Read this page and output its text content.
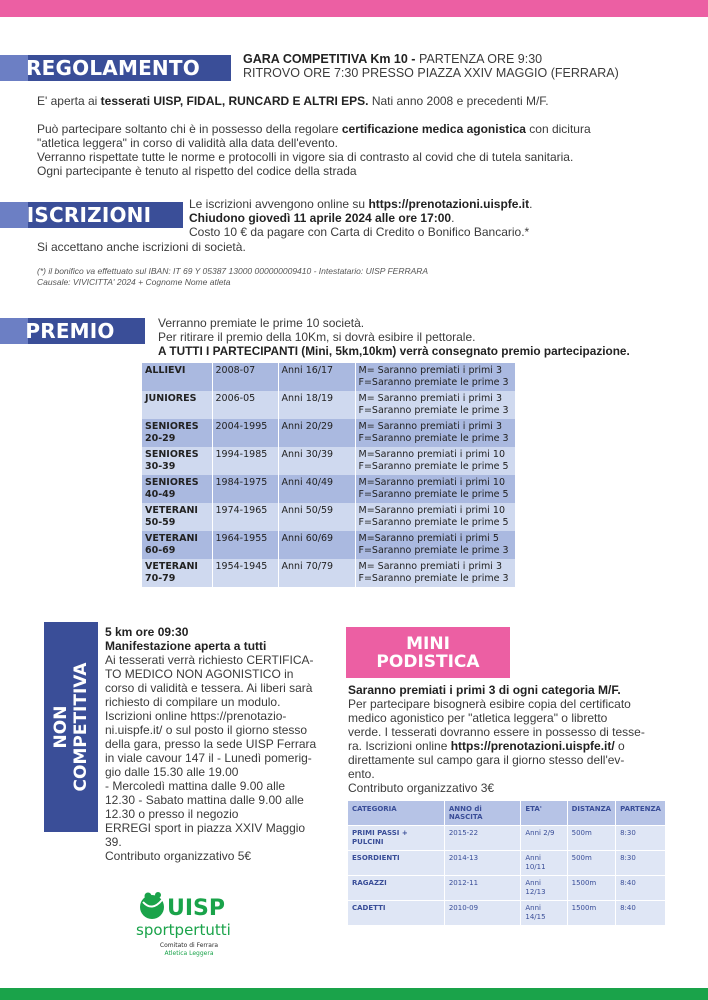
REGOLAMENTO	GARA COMPETITIVA Km 10 - PARTENZA ORE 9:30
RITROVO ORE 7:30 PRESSO PIAZZA XXIV MAGGIO (FERRARA)
E' aperta ai tesserati UISP, FIDAL, RUNCARD E ALTRI EPS. Nati anno 2008 e precedenti M/F.
Può partecipare soltanto chi è in possesso della regolare certificazione medica agonistica con dicitura
"atletica leggera" in corso di validità alla data dell'evento.
Verranno rispettate tutte le norme e protocolli in vigore sia di contrasto al covid che di tutela sanitaria.
Ogni partecipante è tenuto al rispetto del codice della strada
ISCRIZIONI	Le iscrizioni avvengono online su https://prenotazioni.uispfe.it.
Chiudono giovedì 11 aprile 2024 alle ore 17:00.
Costo 10 € da pagare con Carta di Credito o Bonifico Bancario.*
Si accettano anche iscrizioni di società.
(*) il bonifico va effettuato sul IBAN: IT 69 Y 05387 13000 000000009410 - Intestatario: UISP FERRARA
Causale: VIVICITTA' 2024 + Cognome Nome atleta
PREMIO	Verranno premiate le prime 10 società.
Per ritirare il premio della 10Km, si dovrà esibire il pettorale.
A TUTTI I PARTECIPANTI (Mini, 5km,10km) verrà consegnato premio partecipazione.
ALLIEVI	2008-07	Anni 16/17	M= Saranno premiati i primi 3
F=Saranno premiate le prime 3

JUNIORES	2006-05	Anni 18/19	M= Saranno premiati i primi 3
F=Saranno premiate le prime 3

SENIORES 20-29	2004-1995	Anni 20/29	M= Saranno premiati i primi 3
F=Saranno premiate le prime 3

SENIORES 30-39	1994-1985	Anni 30/39	M=Saranno premiati i primi 10
F=Saranno premiate le prime 5

SENIORES 40-49	1984-1975	Anni 40/49	M=Saranno premiati i primi 10
F=Saranno premiate le prime 5

VETERANI 50-59	1974-1965	Anni 50/59	M=Saranno premiati i primi 10
F=Saranno premiate le prime 5

VETERANI 60-69	1964-1955	Anni 60/69	M=Saranno premiati i primi 5
F=Saranno premiate le prime 3

VETERANI 70-79	1954-1945	Anni 70/79	M= Saranno premiati i primi 3
F=Saranno premiate le prime 3
NON COMPETITIVA
5 km ore 09:30
Manifestazione aperta a tutti
Ai tesserati verrà richiesto CERTIFICA-
TO MEDICO NON AGONISTICO in
corso di validità e tessera. Ai liberi sarà
richiesto di compilare un modulo.
Iscrizioni online https://prenotazio-
ni.uispfe.it/ o sul posto il giorno stesso
della gara, presso la sede UISP Ferrara
in viale cavour 147 il - Lunedì pomerig-
gio dalle 15.30 alle 19.00
- Mercoledì mattina dalle 9.00 alle
12.30 - Sabato mattina dalle 9.00 alle
12.30 o presso il negozio
ERREGI sport in piazza XXIV Maggio
39.
Contributo organizzativo 5€
MINI
PODISTICA
Saranno premiati i primi 3 di ogni categoria M/F.
Per partecipare bisognerà esibire copia del certificato
medico agonistico per "atletica leggera" o libretto
verde. I tesserati dovranno essere in possesso di tesse-
ra. Iscrizioni online https://prenotazioni.uispfe.it/ o
direttamente sul campo gara il giorno stesso dell'ev-
ento.
Contributo organizzativo 3€
CATEGORIA	ANNO di NASCITA	ETA'	DISTANZA	PARTENZA
PRIMI PASSI + PULCINI	2015-22	Anni 2/9	500m	8:30
ESORDIENTI	2014-13	Anni 10/11	500m	8:30
RAGAZZI	2012-11	Anni 12/13	1500m	8:40
CADETTI	2010-09	Anni 14/15	1500m	8:40
UISP
sportpertutti
Comitato di Ferrara
Atletica Leggera
